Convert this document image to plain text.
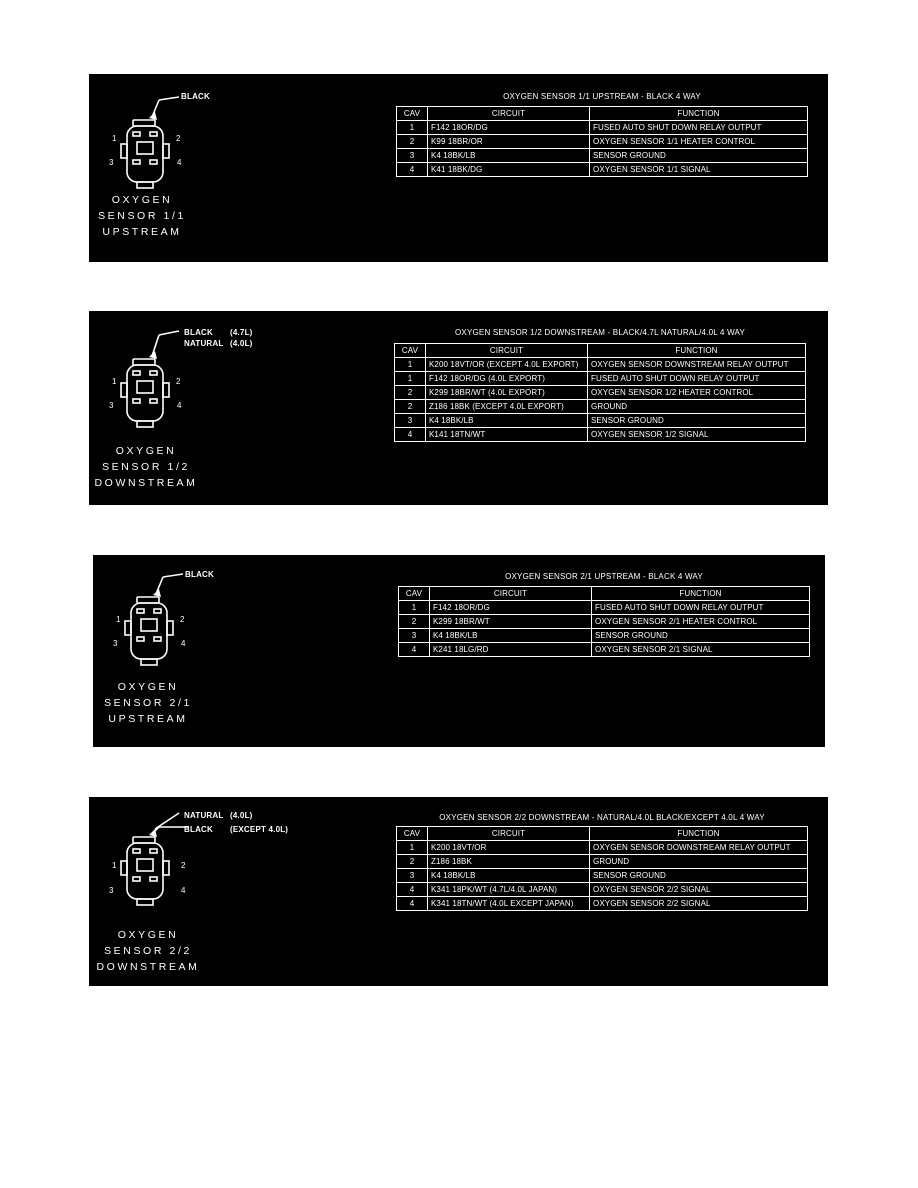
1	2
3	4
BLACK
OXYGEN
SENSOR 1/1
UPSTREAM
OXYGEN SENSOR 1/1 UPSTREAM - BLACK 4 WAY
CAV	CIRCUIT	FUNCTION
1	F142 18OR/DG	FUSED AUTO SHUT DOWN RELAY OUTPUT
2	K99 18BR/OR	OXYGEN SENSOR 1/1 HEATER CONTROL
3	K4 18BK/LB	SENSOR GROUND
4	K41 18BK/DG	OXYGEN SENSOR 1/1 SIGNAL
1	2
3	4
BLACK (4.7L)
NATURAL (4.0L)
OXYGEN
SENSOR 1/2
DOWNSTREAM
OXYGEN SENSOR 1/2 DOWNSTREAM - BLACK/4.7L NATURAL/4.0L 4 WAY
CAV	CIRCUIT	FUNCTION
1	K200 18VT/OR (EXCEPT 4.0L EXPORT)	OXYGEN SENSOR DOWNSTREAM RELAY OUTPUT
1	F142 18OR/DG (4.0L EXPORT)	FUSED AUTO SHUT DOWN RELAY OUTPUT
2	K299 18BR/WT (4.0L EXPORT)	OXYGEN SENSOR 1/2 HEATER CONTROL
2	Z186 18BK (EXCEPT 4.0L EXPORT)	GROUND
3	K4 18BK/LB	SENSOR GROUND
4	K141 18TN/WT	OXYGEN SENSOR 1/2 SIGNAL
1	2
3	4
BLACK
OXYGEN
SENSOR 2/1
UPSTREAM
OXYGEN SENSOR 2/1 UPSTREAM - BLACK 4 WAY
CAV	CIRCUIT	FUNCTION
1	F142 18OR/DG	FUSED AUTO SHUT DOWN RELAY OUTPUT
2	K299 18BR/WT	OXYGEN SENSOR 2/1 HEATER CONTROL
3	K4 18BK/LB	SENSOR GROUND
4	K241 18LG/RD	OXYGEN SENSOR 2/1 SIGNAL
1	2
3	4
NATURAL (4.0L)
BLACK (EXCEPT 4.0L)
OXYGEN
SENSOR 2/2
DOWNSTREAM
OXYGEN SENSOR 2/2 DOWNSTREAM - NATURAL/4.0L BLACK/EXCEPT 4.0L 4 WAY
CAV	CIRCUIT	FUNCTION
1	K200 18VT/OR	OXYGEN SENSOR DOWNSTREAM RELAY OUTPUT
2	Z186 18BK	GROUND
3	K4 18BK/LB	SENSOR GROUND
4	K341 18PK/WT (4.7L/4.0L JAPAN)	OXYGEN SENSOR 2/2 SIGNAL
4	K341 18TN/WT (4.0L EXCEPT JAPAN)	OXYGEN SENSOR 2/2 SIGNAL
